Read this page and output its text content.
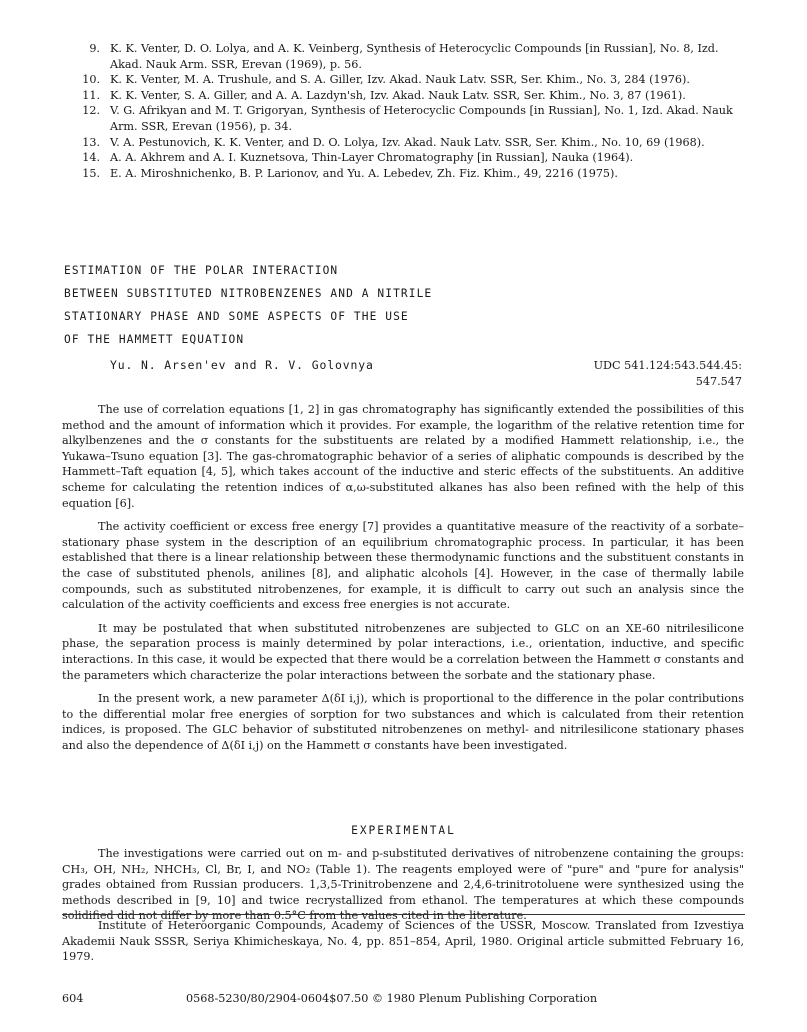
9. K. K. Venter, D. O. Lolya, and A. K. Veinberg, Synthesis of Heterocyclic Compounds [in Russian], No. 8, Izd. Akad. Nauk Arm. SSR, Erevan (1969), p. 56.
10. K. K. Venter, M. A. Trushule, and S. A. Giller, Izv. Akad. Nauk Latv. SSR, Ser. Khim., No. 3, 284 (1976).
11. K. K. Venter, S. A. Giller, and A. A. Lazdyn'sh, Izv. Akad. Nauk Latv. SSR, Ser. Khim., No. 3, 87 (1961).
12. V. G. Afrikyan and M. T. Grigoryan, Synthesis of Heterocyclic Compounds [in Russian], No. 1, Izd. Akad. Nauk Arm. SSR, Erevan (1956), p. 34.
13. V. A. Pestunovich, K. K. Venter, and D. O. Lolya, Izv. Akad. Nauk Latv. SSR, Ser. Khim., No. 10, 69 (1968).
14. A. A. Akhrem and A. I. Kuznetsova, Thin-Layer Chromatography [in Russian], Nauka (1964).
15. E. A. Miroshnichenko, B. P. Larionov, and Yu. A. Lebedev, Zh. Fiz. Khim., 49, 2216 (1975).
ESTIMATION OF THE POLAR INTERACTION
BETWEEN SUBSTITUTED NITROBENZENES AND A NITRILE
STATIONARY PHASE AND SOME ASPECTS OF THE USE
OF THE HAMMETT EQUATION
Yu. N. Arsen'ev and R. V. Golovnya	UDC 541.124:543.544.45:
547.547

The use of correlation equations [1, 2] in gas chromatography has significantly extended the possibilities of this method and the amount of information which it provides. For example, the logarithm of the relative retention time for alkylbenzenes and the σ constants for the substituents are related by a modified Hammett relationship, i.e., the Yukawa–Tsuno equation [3]. The gas-chromatographic behavior of a series of aliphatic compounds is described by the Hammett–Taft equation [4, 5], which takes account of the inductive and steric effects of the substituents. An additive scheme for calculating the retention indices of α,ω-substituted alkanes has also been refined with the help of this equation [6].

The activity coefficient or excess free energy [7] provides a quantitative measure of the reactivity of a sorbate–stationary phase system in the description of an equilibrium chromatographic process. In particular, it has been established that there is a linear relationship between these thermodynamic functions and the substituent constants in the case of substituted phenols, anilines [8], and aliphatic alcohols [4]. However, in the case of thermally labile compounds, such as substituted nitrobenzenes, for example, it is difficult to carry out such an analysis since the calculation of the activity coefficients and excess free energies is not accurate.

It may be postulated that when substituted nitrobenzenes are subjected to GLC on an XE-60 nitrilesilicone phase, the separation process is mainly determined by polar interactions, i.e., orientation, inductive, and specific interactions. In this case, it would be expected that there would be a correlation between the Hammett σ constants and the parameters which characterize the polar interactions between the sorbate and the stationary phase.

In the present work, a new parameter Δ(δI i,j), which is proportional to the difference in the polar contributions to the differential molar free energies of sorption for two substances and which is calculated from their retention indices, is proposed. The GLC behavior of substituted nitrobenzenes on methyl- and nitrilesilicone stationary phases and also the dependence of Δ(δI i,j) on the Hammett σ constants have been investigated.

EXPERIMENTAL

The investigations were carried out on m- and p-substituted derivatives of nitrobenzene containing the groups: CH₃, OH, NH₂, NHCH₃, Cl, Br, I, and NO₂ (Table 1). The reagents employed were of "pure" and "pure for analysis" grades obtained from Russian producers. 1,3,5-Trinitrobenzene and 2,4,6-trinitrotoluene were synthesized using the methods described in [9, 10] and twice recrystallized from ethanol. The temperatures at which these compounds solidified did not differ by more than 0.5°C from the values cited in the literature.

Institute of Heteroorganic Compounds, Academy of Sciences of the USSR, Moscow. Translated from Izvestiya Akademii Nauk SSSR, Seriya Khimicheskaya, No. 4, pp. 851–854, April, 1980. Original article submitted February 16, 1979.
604	0568-5230/80/2904-0604$07.50 © 1980 Plenum Publishing Corporation
